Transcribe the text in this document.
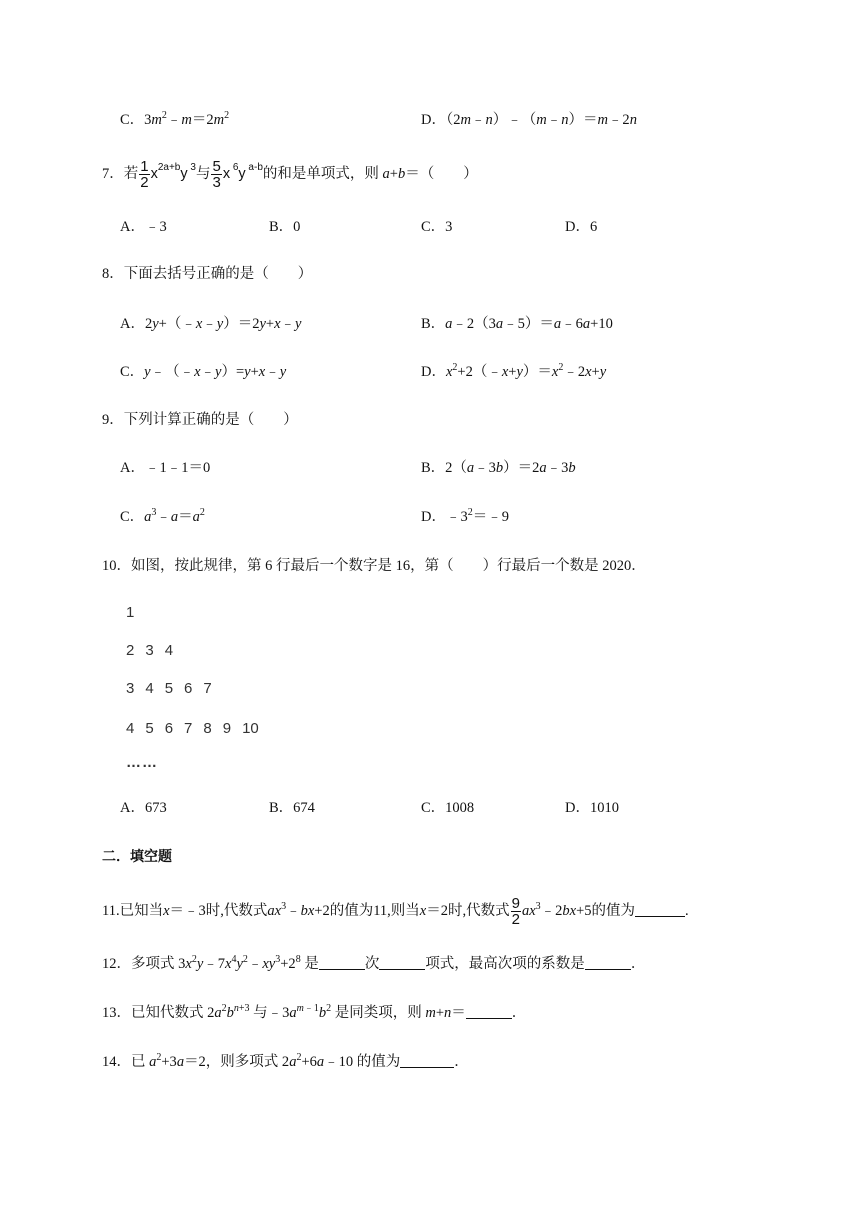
C．$3m^2﹣m=2m^2$	D．（2m﹣n）﹣（m﹣n）＝m﹣2n
7．若 $\frac{1}{2} x^{2a+b}y$ $^3$与 $\frac{5}{3}$ x $^6$y $^{a-b}$的和是单项式，则 a+b＝（　　）
A．﹣3	B．0	C．3	D．6
8．下面去括号正确的是（　　）
A．2y+（﹣x﹣y）＝2y+x﹣y	B．a﹣2（3a﹣5）＝a﹣6a+10
C．y﹣（﹣x﹣y）=y+x﹣y	D．$x^2+2(﹣x+y)=x^2﹣2x+y$
9．下列计算正确的是（　　）
A．﹣1﹣1＝0	B．2（a﹣3b）＝2a﹣3b
C．$a^3﹣a=a^2$	D．$﹣3^2=﹣9$
10．如图，按此规律，第 6 行最后一个数字是 16，第（　　）行最后一个数是 2020．
1
2 3 4
3 4 5 6 7
4 5 6 7 8 9 10
……
A．673	B．674	C．1008	D．1010
二．填空题
11.已知当x＝﹣3时,代数式$ax^3﹣bx+2$的值为11,则当x＝2时,代数式 $\frac{9}{2}$ $ax^3﹣2bx+5$的值为	.
12．多项式 $3x^2y﹣7x^4y^2﹣xy^3+2^8$ 是	次	项式，最高次项的系数是	．
13．已知代数式 $2a^2b^{n+3}$ 与$﹣3a^{m﹣1}b^2$ 是同类项，则 m+n＝	．
14．已 $a^2+3a=2$，则多项式 $2a^2+6a﹣10$ 的值为	．
